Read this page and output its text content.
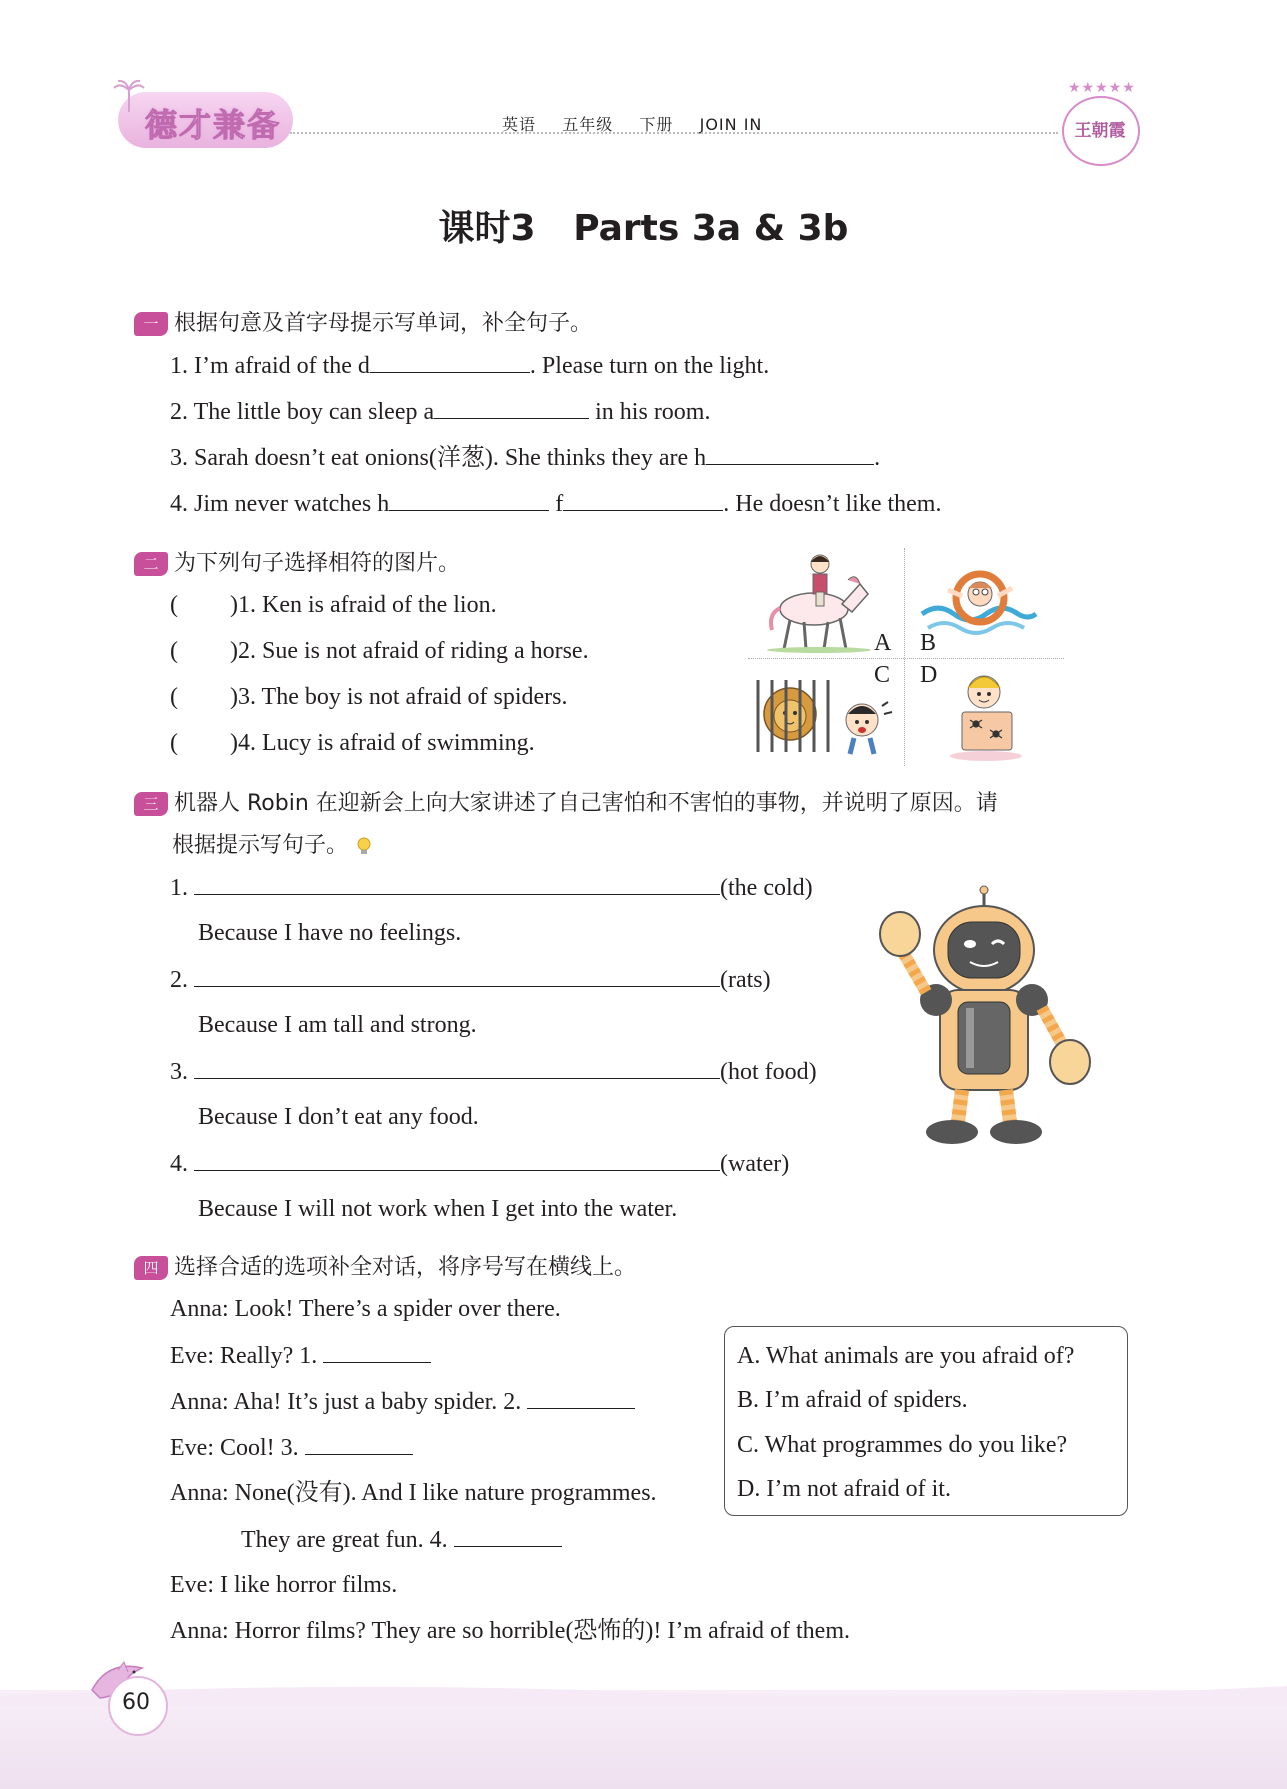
德才兼备	英语 五年级 下册 JOIN IN
★★★★★
王朝霞
课时3   Parts 3a & 3b
一 根据句意及首字母提示写单词，补全句子。
1. I’m afraid of the d	. Please turn on the light.
2. The little boy can sleep a	in his room.
3. Sarah doesn’t eat onions(洋葱). She thinks they are h	.
4. Jim never watches h	f	. He doesn’t like them.
二 为下列句子选择相符的图片。
( )1. Ken is afraid of the lion.
( )2. Sue is not afraid of riding a horse.
( )3. The boy is not afraid of spiders.
( )4. Lucy is afraid of swimming.
A B
C D
三 机器人 Robin 在迎新会上向大家讲述了自己害怕和不害怕的事物，并说明了原因。请
根据提示写句子。
1.	(the cold)
Because I have no feelings.
2.	(rats)
Because I am tall and strong.
3.	(hot food)
Because I don’t eat any food.
4.	(water)
Because I will not work when I get into the water.
四 选择合适的选项补全对话，将序号写在横线上。
Anna: Look! There’s a spider over there.
Eve: Really? 1.
Anna: Aha! It’s just a baby spider. 2.
Eve: Cool! 3.
Anna: None(没有). And I like nature programmes.
They are great fun. 4.
Eve: I like horror films.
Anna: Horror films? They are so horrible(恐怖的)! I’m afraid of them.
A. What animals are you afraid of?
B. I’m afraid of spiders.
C. What programmes do you like?
D. I’m not afraid of it.
60
